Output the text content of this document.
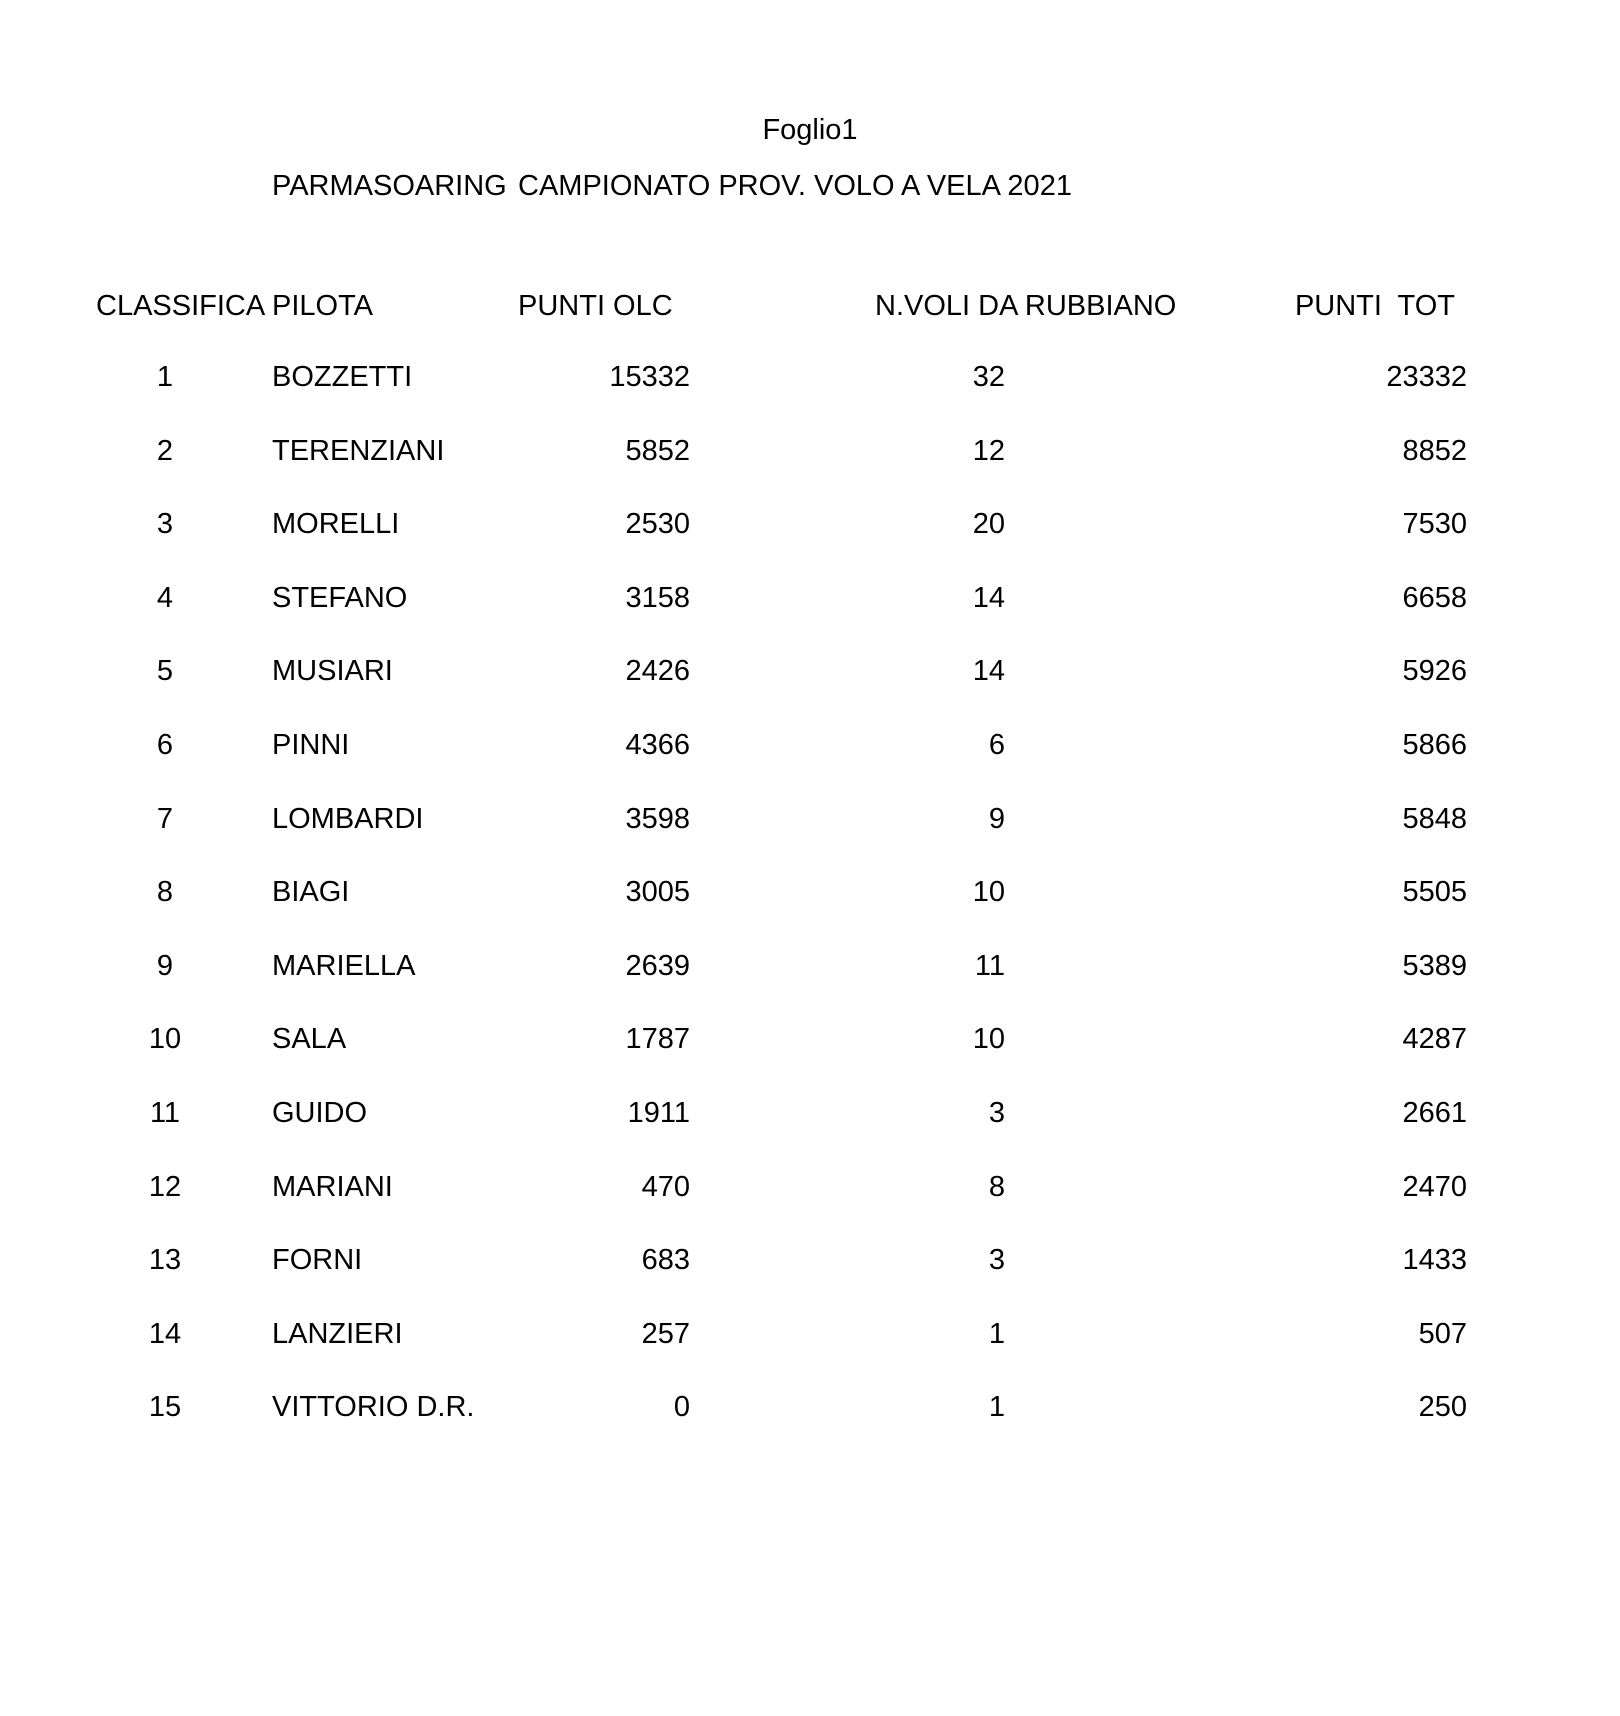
Foglio1
PARMASOARING CAMPIONATO PROV. VOLO A VELA 2021
CLASSIFICA PILOTA	PUNTI OLC	N.VOLI DA RUBBIANO	PUNTI  TOT
1	BOZZETTI	15332	32	23332
2	TERENZIANI	5852	12	8852
3	MORELLI	2530	20	7530
4	STEFANO	3158	14	6658
5	MUSIARI	2426	14	5926
6	PINNI	4366	6	5866
7	LOMBARDI	3598	9	5848
8	BIAGI	3005	10	5505
9	MARIELLA	2639	11	5389
10	SALA	1787	10	4287
11	GUIDO	1911	3	2661
12	MARIANI	470	8	2470
13	FORNI	683	3	1433
14	LANZIERI	257	1	507
15	VITTORIO D.R.	0	1	250
